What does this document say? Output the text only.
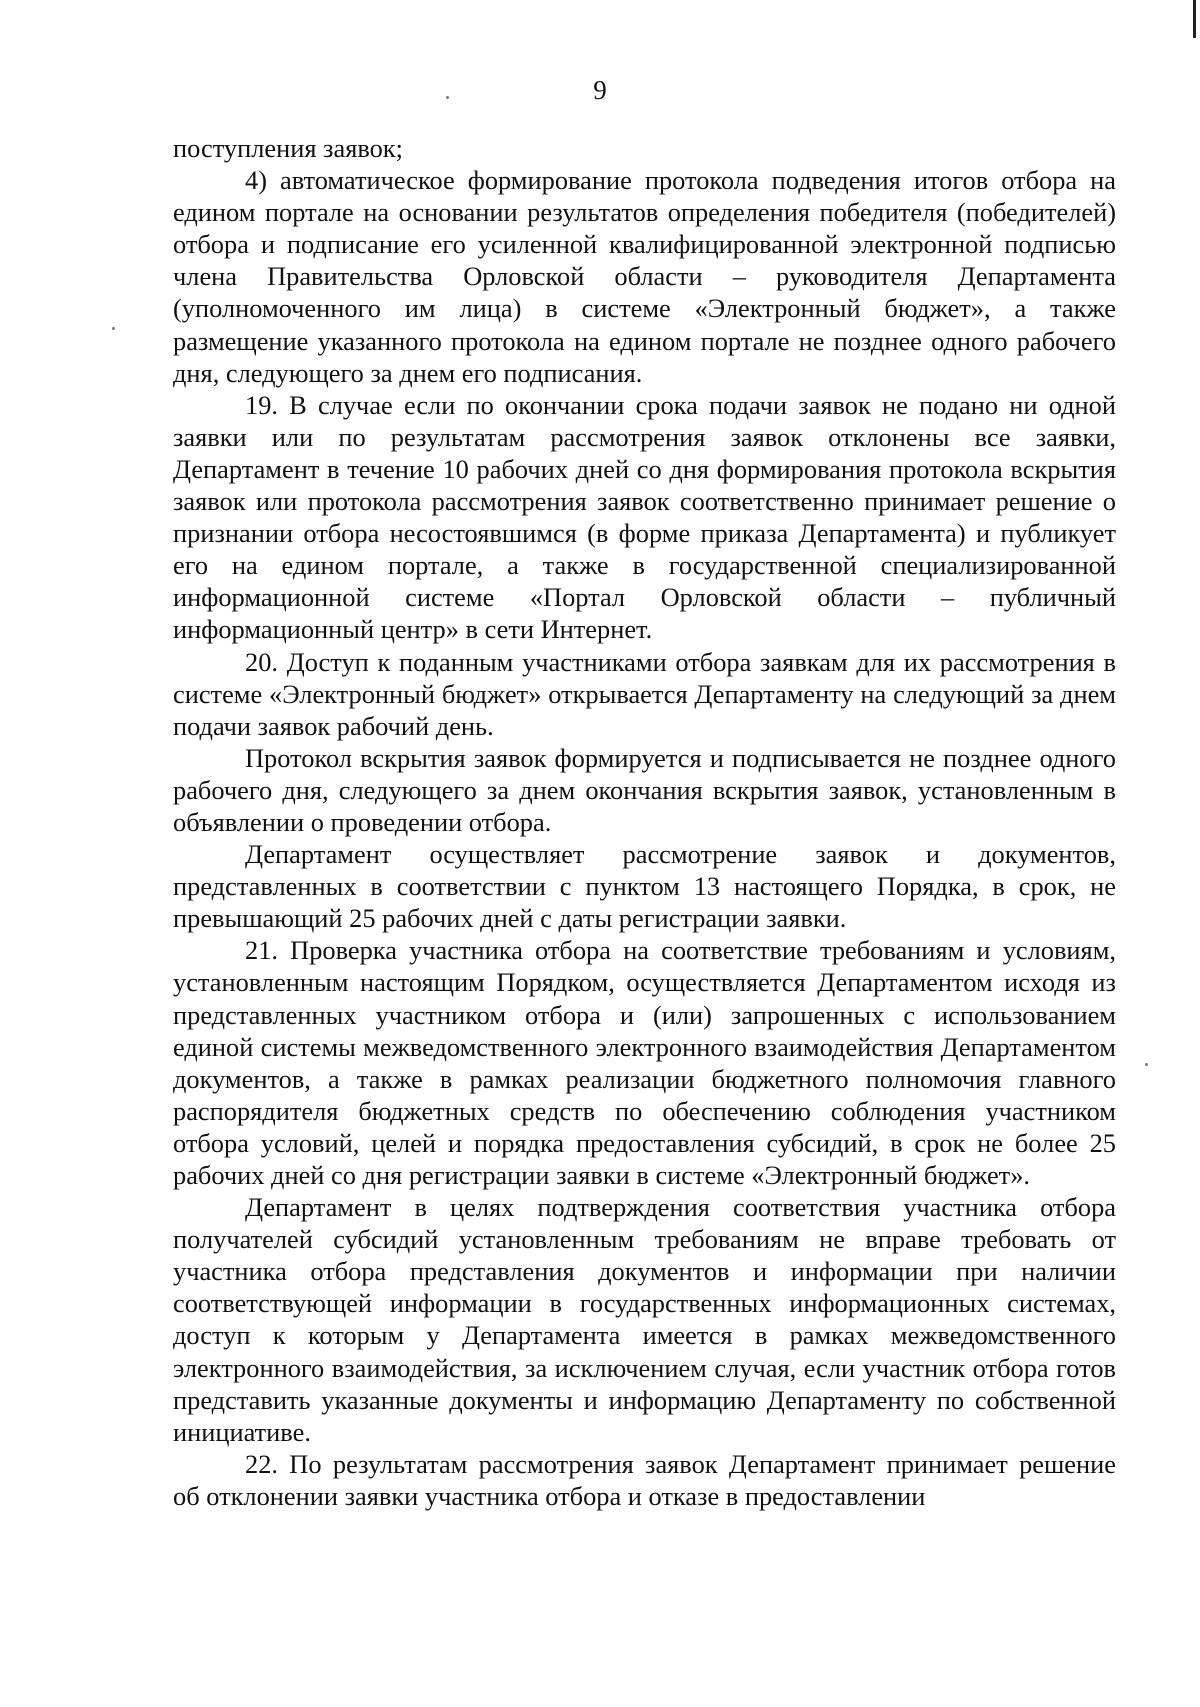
9

поступления заявок;

4) автоматическое формирование протокола подведения итогов отбора на едином портале на основании результатов определения победителя (победителей) отбора и подписание его усиленной квалифицированной электронной подписью члена Правительства Орловской области – руководителя Департамента (уполномоченного им лица) в системе «Электронный бюджет», а также размещение указанного протокола на едином портале не позднее одного рабочего дня, следующего за днем его подписания.

19. В случае если по окончании срока подачи заявок не подано ни одной заявки или по результатам рассмотрения заявок отклонены все заявки, Департамент в течение 10 рабочих дней со дня формирования протокола вскрытия заявок или протокола рассмотрения заявок соответственно принимает решение о признании отбора несостоявшимся (в форме приказа Департамента) и публикует его на едином портале, а также в государственной специализированной информационной системе «Портал Орловской области – публичный информационный центр» в сети Интернет.

20. Доступ к поданным участниками отбора заявкам для их рассмотрения в системе «Электронный бюджет» открывается Департаменту на следующий за днем подачи заявок рабочий день.

Протокол вскрытия заявок формируется и подписывается не позднее одного рабочего дня, следующего за днем окончания вскрытия заявок, установленным в объявлении о проведении отбора.

Департамент осуществляет рассмотрение заявок и документов, представленных в соответствии с пунктом 13 настоящего Порядка, в срок, не превышающий 25 рабочих дней с даты регистрации заявки.

21. Проверка участника отбора на соответствие требованиям и условиям, установленным настоящим Порядком, осуществляется Департаментом исходя из представленных участником отбора и (или) запрошенных с использованием единой системы межведомственного электронного взаимодействия Департаментом документов, а также в рамках реализации бюджетного полномочия главного распорядителя бюджетных средств по обеспечению соблюдения участником отбора условий, целей и порядка предоставления субсидий, в срок не более 25 рабочих дней со дня регистрации заявки в системе «Электронный бюджет».

Департамент в целях подтверждения соответствия участника отбора получателей субсидий установленным требованиям не вправе требовать от участника отбора представления документов и информации при наличии соответствующей информации в государственных информационных системах, доступ к которым у Департамента имеется в рамках межведомственного электронного взаимодействия, за исключением случая, если участник отбора готов представить указанные документы и информацию Департаменту по собственной инициативе.

22. По результатам рассмотрения заявок Департамент принимает решение об отклонении заявки участника отбора и отказе в предоставлении
